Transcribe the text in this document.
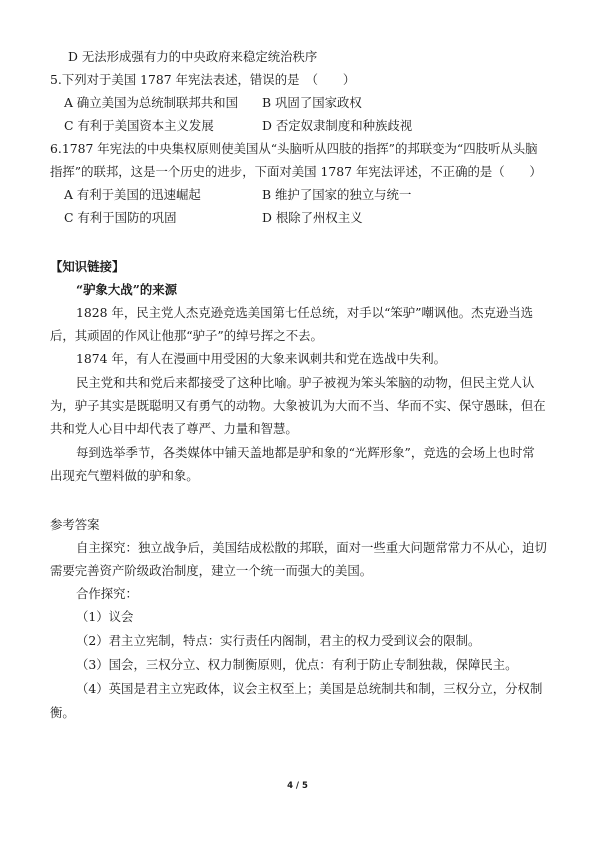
D 无法形成强有力的中央政府来稳定统治秩序
5.下列对于美国 1787 年宪法表述，错误的是　（　　）
A 确立美国为总统制联邦共和国 B 巩固了国家政权
C 有利于美国资本主义发展	D 否定奴隶制度和种族歧视
6.1787 年宪法的中央集权原则使美国从“头脑听从四肢的指挥”的邦联变为“四肢听从头脑
指挥”的联邦，这是一个历史的进步，下面对美国 1787 年宪法评述，不正确的是（　　）
A 有利于美国的迅速崛起	B 维护了国家的独立与统一
C 有利于国防的巩固	D 根除了州权主义
【知识链接】
“驴象大战”的来源
1828 年，民主党人杰克逊竞选美国第七任总统，对手以“笨驴”嘲讽他。杰克逊当选
后，其顽固的作风让他那“驴子”的绰号挥之不去。
1874 年，有人在漫画中用受困的大象来讽刺共和党在选战中失利。
民主党和共和党后来都接受了这种比喻。驴子被视为笨头笨脑的动物，但民主党人认
为，驴子其实是既聪明又有勇气的动物。大象被讥为大而不当、华而不实、保守愚昧，但在
共和党人心目中却代表了尊严、力量和智慧。
每到选举季节，各类媒体中铺天盖地都是驴和象的“光辉形象”，竞选的会场上也时常
出现充气塑料做的驴和象。
参考答案
自主探究：独立战争后，美国结成松散的邦联，面对一些重大问题常常力不从心，迫切
需要完善资产阶级政治制度，建立一个统一而强大的美国。
合作探究：
（1）议会
（2）君主立宪制，特点：实行责任内阁制，君主的权力受到议会的限制。
（3）国会，三权分立、权力制衡原则，优点：有利于防止专制独裁，保障民主。
（4）英国是君主立宪政体，议会主权至上；美国是总统制共和制，三权分立，分权制
衡。
4 / 5
